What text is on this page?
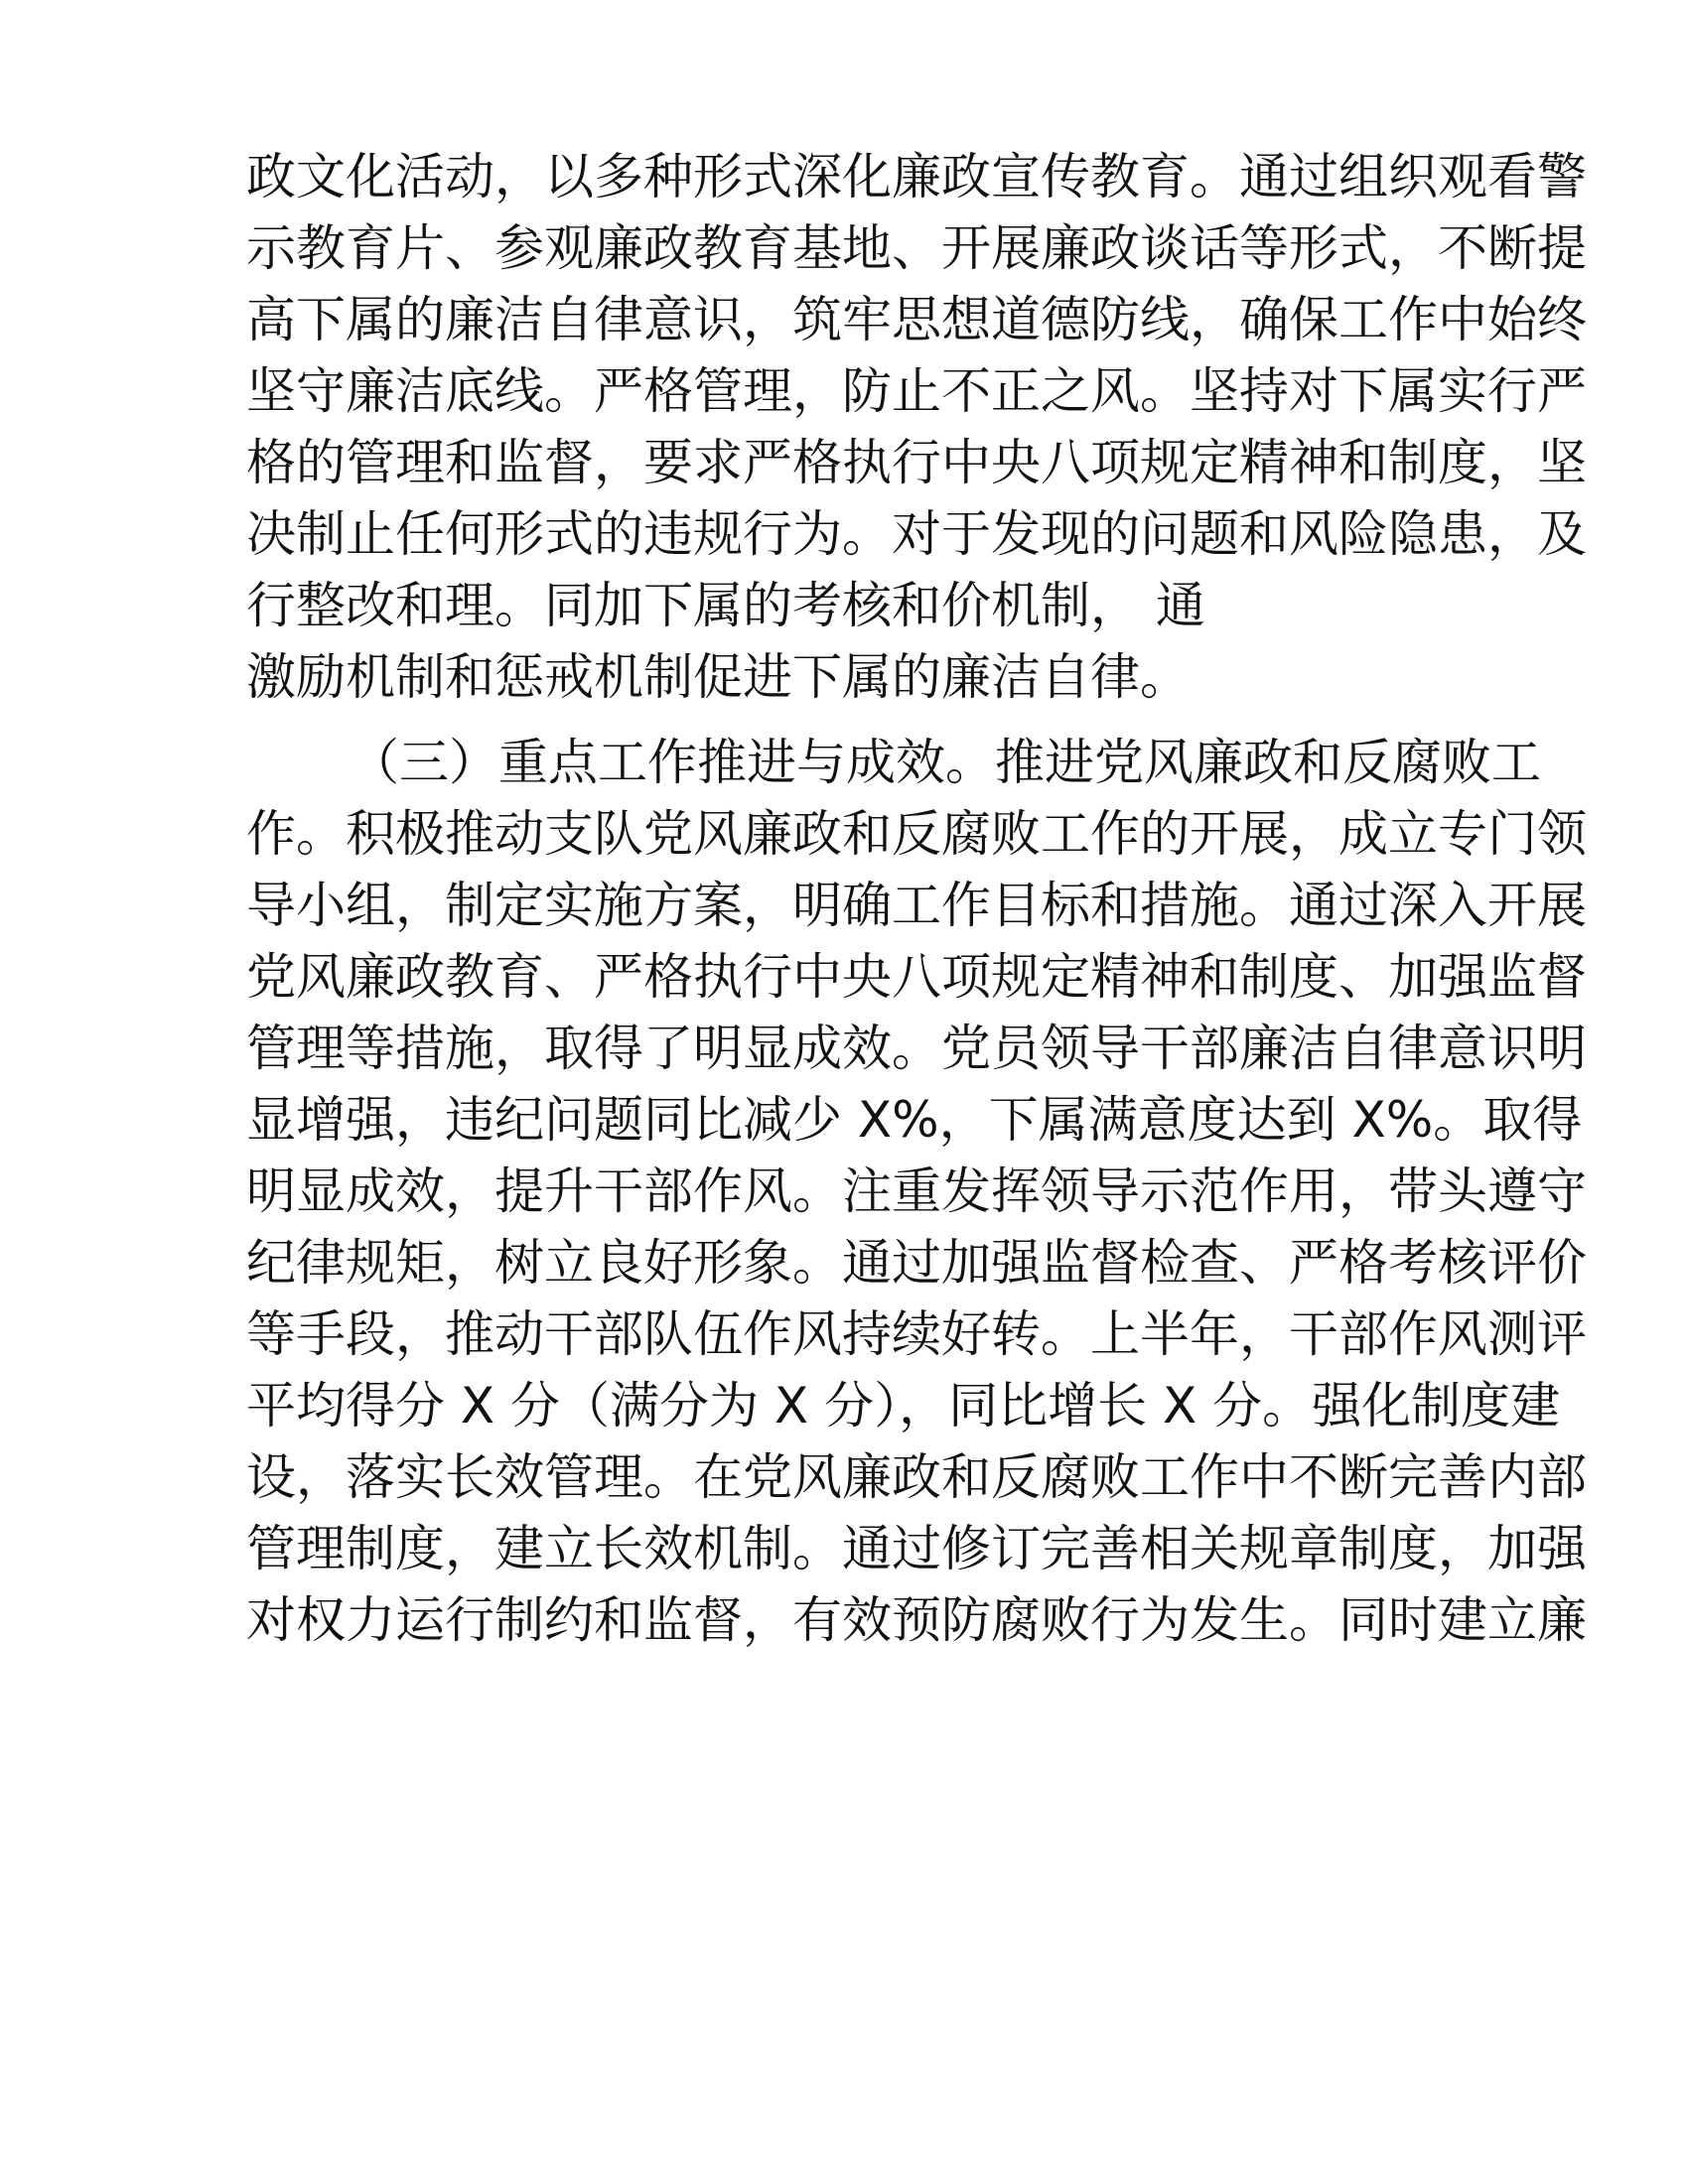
政文化活动，以多种形式深化廉政宣传教育。通过组织观看警
示教育片、参观廉政教育基地、开展廉政谈话等形式，不断提
高下属的廉洁自律意识，筑牢思想道德防线，确保工作中始终
坚守廉洁底线。严格管理，防止不正之风。坚持对下属实行严
格的管理和监督，要求严格执行中央八项规定精神和制度，坚
决制止任何形式的违规行为。对于发现的问题和风险隐患，及
行整改和理。同加下属的考核和价机制， 通
激励机制和惩戒机制促进下属的廉洁自律。
（三）重点工作推进与成效。推进党风廉政和反腐败工
作。积极推动支队党风廉政和反腐败工作的开展，成立专门领
导小组，制定实施方案，明确工作目标和措施。通过深入开展
党风廉政教育、严格执行中央八项规定精神和制度、加强监督
管理等措施，取得了明显成效。党员领导干部廉洁自律意识明
显增强，违纪问题同比减少 X%，下属满意度达到 X%。取得
明显成效，提升干部作风。注重发挥领导示范作用，带头遵守
纪律规矩，树立良好形象。通过加强监督检查、严格考核评价
等手段，推动干部队伍作风持续好转。上半年，干部作风测评
平均得分 X 分（满分为 X 分），同比增长 X 分。强化制度建
设，落实长效管理。在党风廉政和反腐败工作中不断完善内部
管理制度，建立长效机制。通过修订完善相关规章制度，加强
对权力运行制约和监督，有效预防腐败行为发生。同时建立廉
